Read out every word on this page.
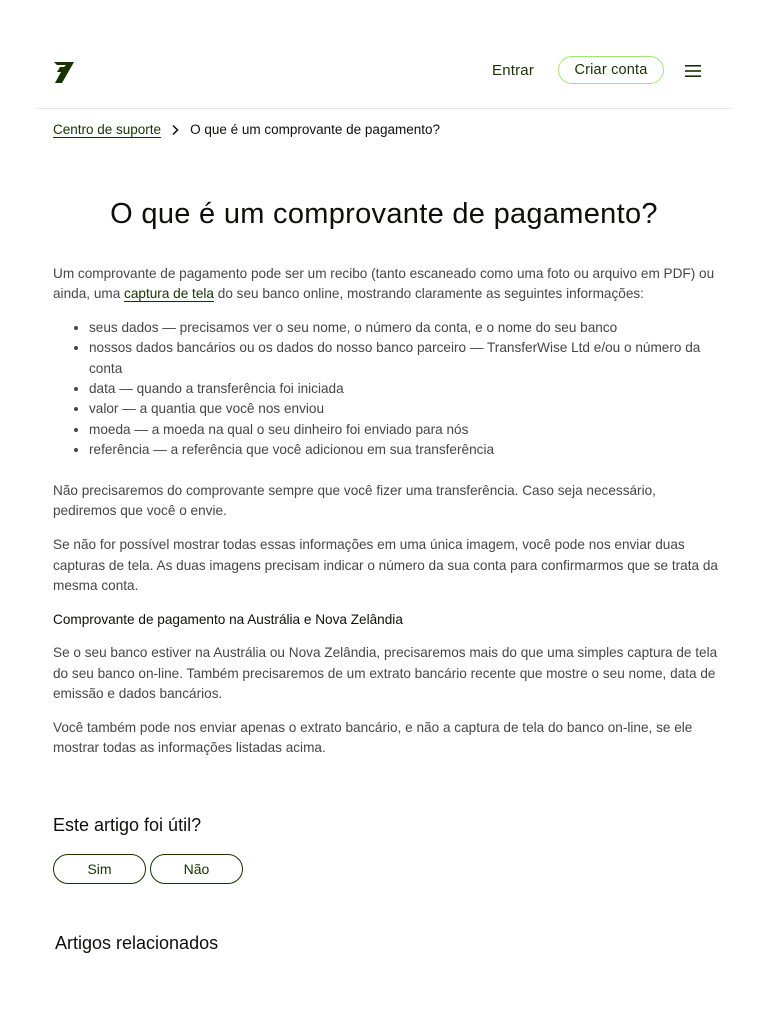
Entrar	Criar conta
Centro de suporte O que é um comprovante de pagamento?
O que é um comprovante de pagamento?

Um comprovante de pagamento pode ser um recibo (tanto escaneado como uma foto ou arquivo em PDF) ou ainda, uma captura de tela do seu banco online, mostrando claramente as seguintes informações:

• seus dados — precisamos ver o seu nome, o número da conta, e o nome do seu banco
• nossos dados bancários ou os dados do nosso banco parceiro — TransferWise Ltd e/ou o número da conta
• data — quando a transferência foi iniciada
• valor — a quantia que você nos enviou
• moeda — a moeda na qual o seu dinheiro foi enviado para nós
• referência — a referência que você adicionou em sua transferência

Não precisaremos do comprovante sempre que você fizer uma transferência. Caso seja necessário, pediremos que você o envie.

Se não for possível mostrar todas essas informações em uma única imagem, você pode nos enviar duas capturas de tela. As duas imagens precisam indicar o número da sua conta para confirmarmos que se trata da mesma conta.

Comprovante de pagamento na Austrália e Nova Zelândia

Se o seu banco estiver na Austrália ou Nova Zelândia, precisaremos mais do que uma simples captura de tela do seu banco on-line. Também precisaremos de um extrato bancário recente que mostre o seu nome, data de emissão e dados bancários.

Você também pode nos enviar apenas o extrato bancário, e não a captura de tela do banco on-line, se ele mostrar todas as informações listadas acima.

Este artigo foi útil?
Sim	Não
Artigos relacionados
